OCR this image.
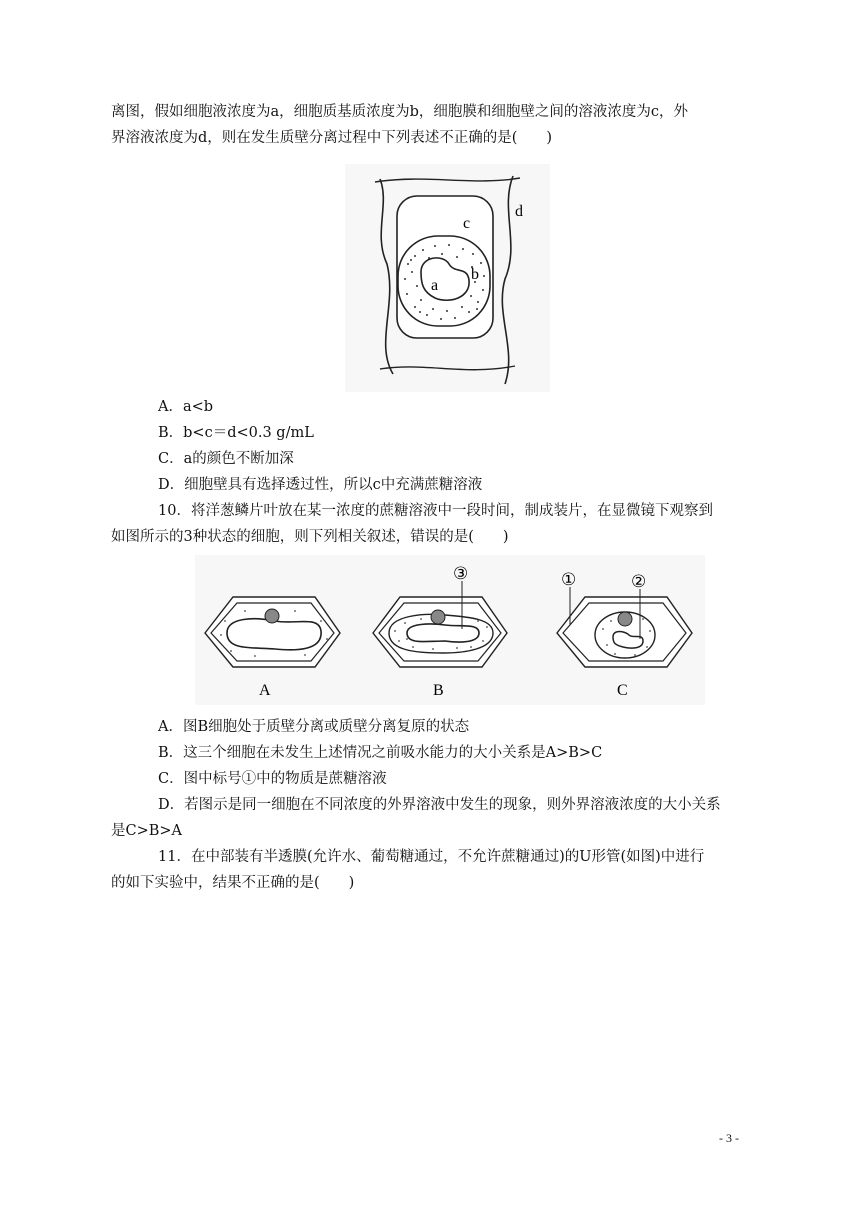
离图，假如细胞液浓度为a，细胞质基质浓度为b，细胞膜和细胞壁之间的溶液浓度为c，外
界溶液浓度为d，则在发生质壁分离过程中下列表述不正确的是(　　)
a
b
c
d
A．a<b
B．b<c＝d<0.3 g/mL
C．a的颜色不断加深
D．细胞壁具有选择透过性，所以c中充满蔗糖溶液
10．将洋葱鳞片叶放在某一浓度的蔗糖溶液中一段时间，制成装片，在显微镜下观察到
如图所示的3种状态的细胞，则下列相关叙述，错误的是(　　)
A
③
B
①	②
C
A．图B细胞处于质壁分离或质壁分离复原的状态
B．这三个细胞在未发生上述情况之前吸水能力的大小关系是A>B>C
C．图中标号①中的物质是蔗糖溶液
D．若图示是同一细胞在不同浓度的外界溶液中发生的现象，则外界溶液浓度的大小关系
是C>B>A
11．在中部装有半透膜(允许水、葡萄糖通过，不允许蔗糖通过)的U形管(如图)中进行
的如下实验中，结果不正确的是(　　)
- 3 -
